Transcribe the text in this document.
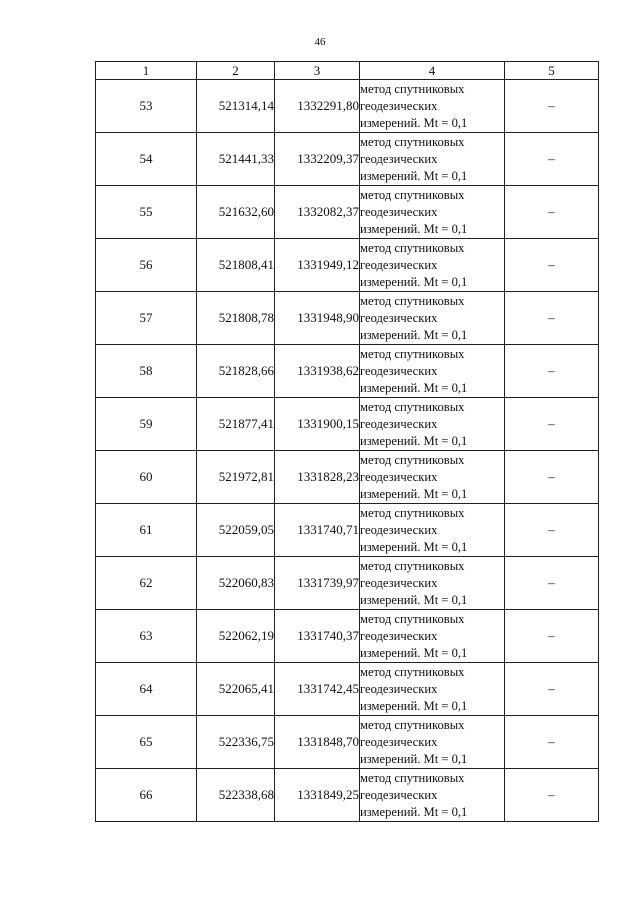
46
1	2	3	4	5
53	521314,14	1332291,80	метод спутниковых
геодезических
измерений. Mt = 0,1	–
54	521441,33	1332209,37	метод спутниковых
геодезических
измерений. Mt = 0,1	–
55	521632,60	1332082,37	метод спутниковых
геодезических
измерений. Mt = 0,1	–
56	521808,41	1331949,12	метод спутниковых
геодезических
измерений. Mt = 0,1	–
57	521808,78	1331948,90	метод спутниковых
геодезических
измерений. Mt = 0,1	–
58	521828,66	1331938,62	метод спутниковых
геодезических
измерений. Mt = 0,1	–
59	521877,41	1331900,15	метод спутниковых
геодезических
измерений. Mt = 0,1	–
60	521972,81	1331828,23	метод спутниковых
геодезических
измерений. Mt = 0,1	–
61	522059,05	1331740,71	метод спутниковых
геодезических
измерений. Mt = 0,1	–
62	522060,83	1331739,97	метод спутниковых
геодезических
измерений. Mt = 0,1	–
63	522062,19	1331740,37	метод спутниковых
геодезических
измерений. Mt = 0,1	–
64	522065,41	1331742,45	метод спутниковых
геодезических
измерений. Mt = 0,1	–
65	522336,75	1331848,70	метод спутниковых
геодезических
измерений. Mt = 0,1	–
66	522338,68	1331849,25	метод спутниковых
геодезических
измерений. Mt = 0,1	–
